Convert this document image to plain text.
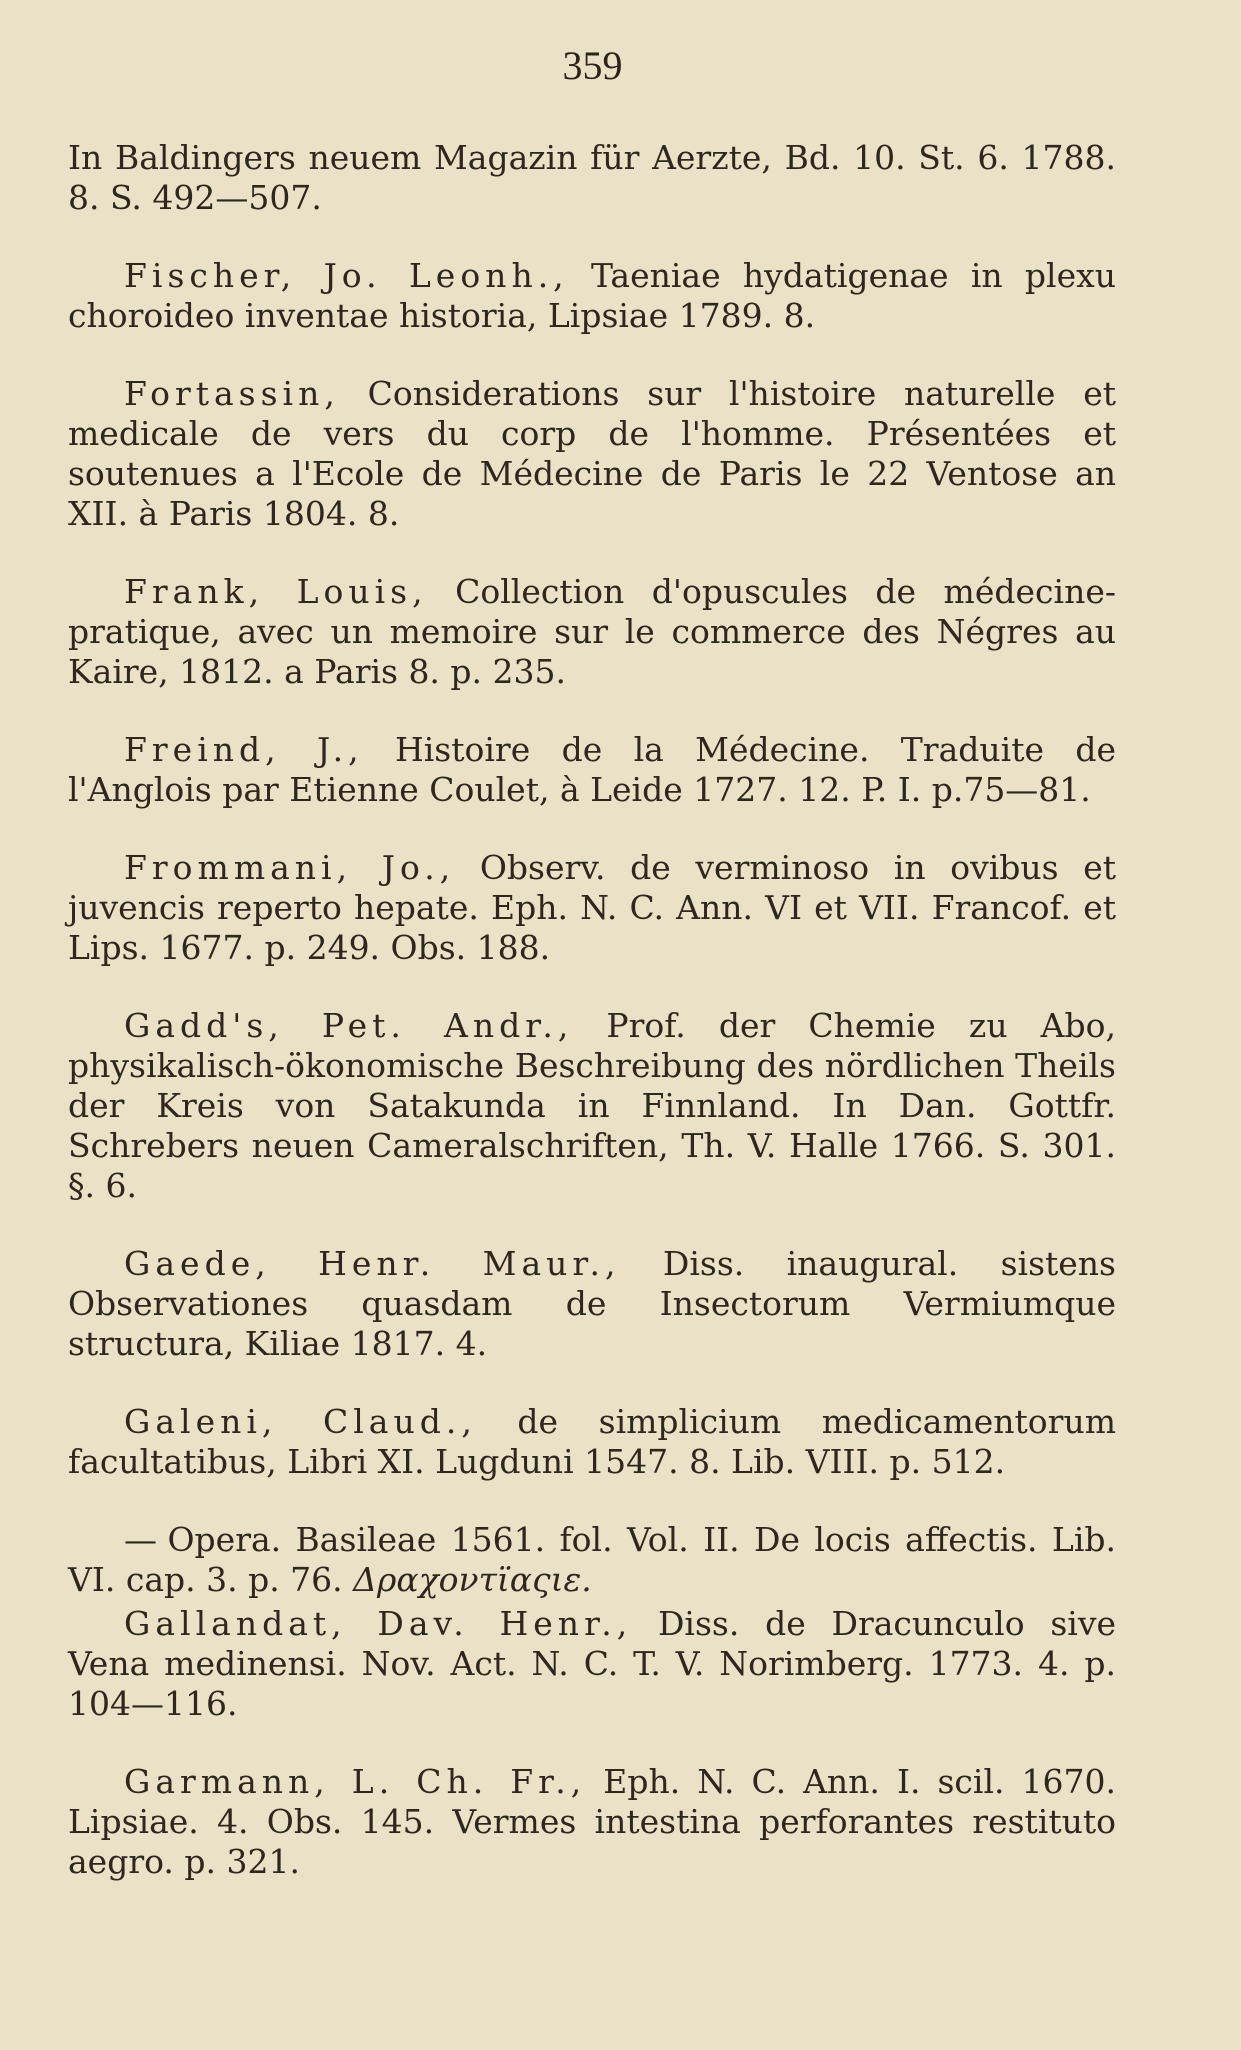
359

In Baldingers neuem Magazin für Aerzte, Bd. 10. St. 6. 1788. 8. S. 492—507.

Fischer, Jo. Leonh., Taeniae hydatigenae in plexu choroideo inventae historia, Lipsiae 1789. 8.

Fortassin, Considerations sur l'histoire naturelle et medicale de vers du corp de l'homme. Présentées et soutenues a l'Ecole de Médecine de Paris le 22 Ventose an XII. à Paris 1804. 8.

Frank, Louis, Collection d'opuscules de médecine-pratique, avec un memoire sur le commerce des Négres au Kaire, 1812. a Paris 8. p. 235.

Freind, J., Histoire de la Médecine. Traduite de l'Anglois par Etienne Coulet, à Leide 1727. 12. P. I. p.75—81.

Frommani, Jo., Observ. de verminoso in ovibus et juvencis reperto hepate. Eph. N. C. Ann. VI et VII. Francof. et Lips. 1677. p. 249. Obs. 188.

Gadd's, Pet. Andr., Prof. der Chemie zu Abo, physikalisch-ökonomische Beschreibung des nördlichen Theils der Kreis von Satakunda in Finnland. In Dan. Gottfr. Schrebers neuen Cameralschriften, Th. V. Halle 1766. S. 301. §. 6.

Gaede, Henr. Maur., Diss. inaugural. sistens Observationes quasdam de Insectorum Vermiumque structura, Kiliae 1817. 4.

Galeni, Claud., de simplicium medicamentorum facultatibus, Libri XI. Lugduni 1547. 8. Lib. VIII. p. 512.

— Opera. Basileae 1561. fol. Vol. II. De locis affectis. Lib. VI. cap. 3. p. 76. Δραχοντϊαςιε.

Gallandat, Dav. Henr., Diss. de Dracunculo sive Vena medinensi. Nov. Act. N. C. T. V. Norimberg. 1773. 4. p. 104—116.

Garmann, L. Ch. Fr., Eph. N. C. Ann. I. scil. 1670. Lipsiae. 4. Obs. 145. Vermes intestina perforantes restituto aegro. p. 321.
